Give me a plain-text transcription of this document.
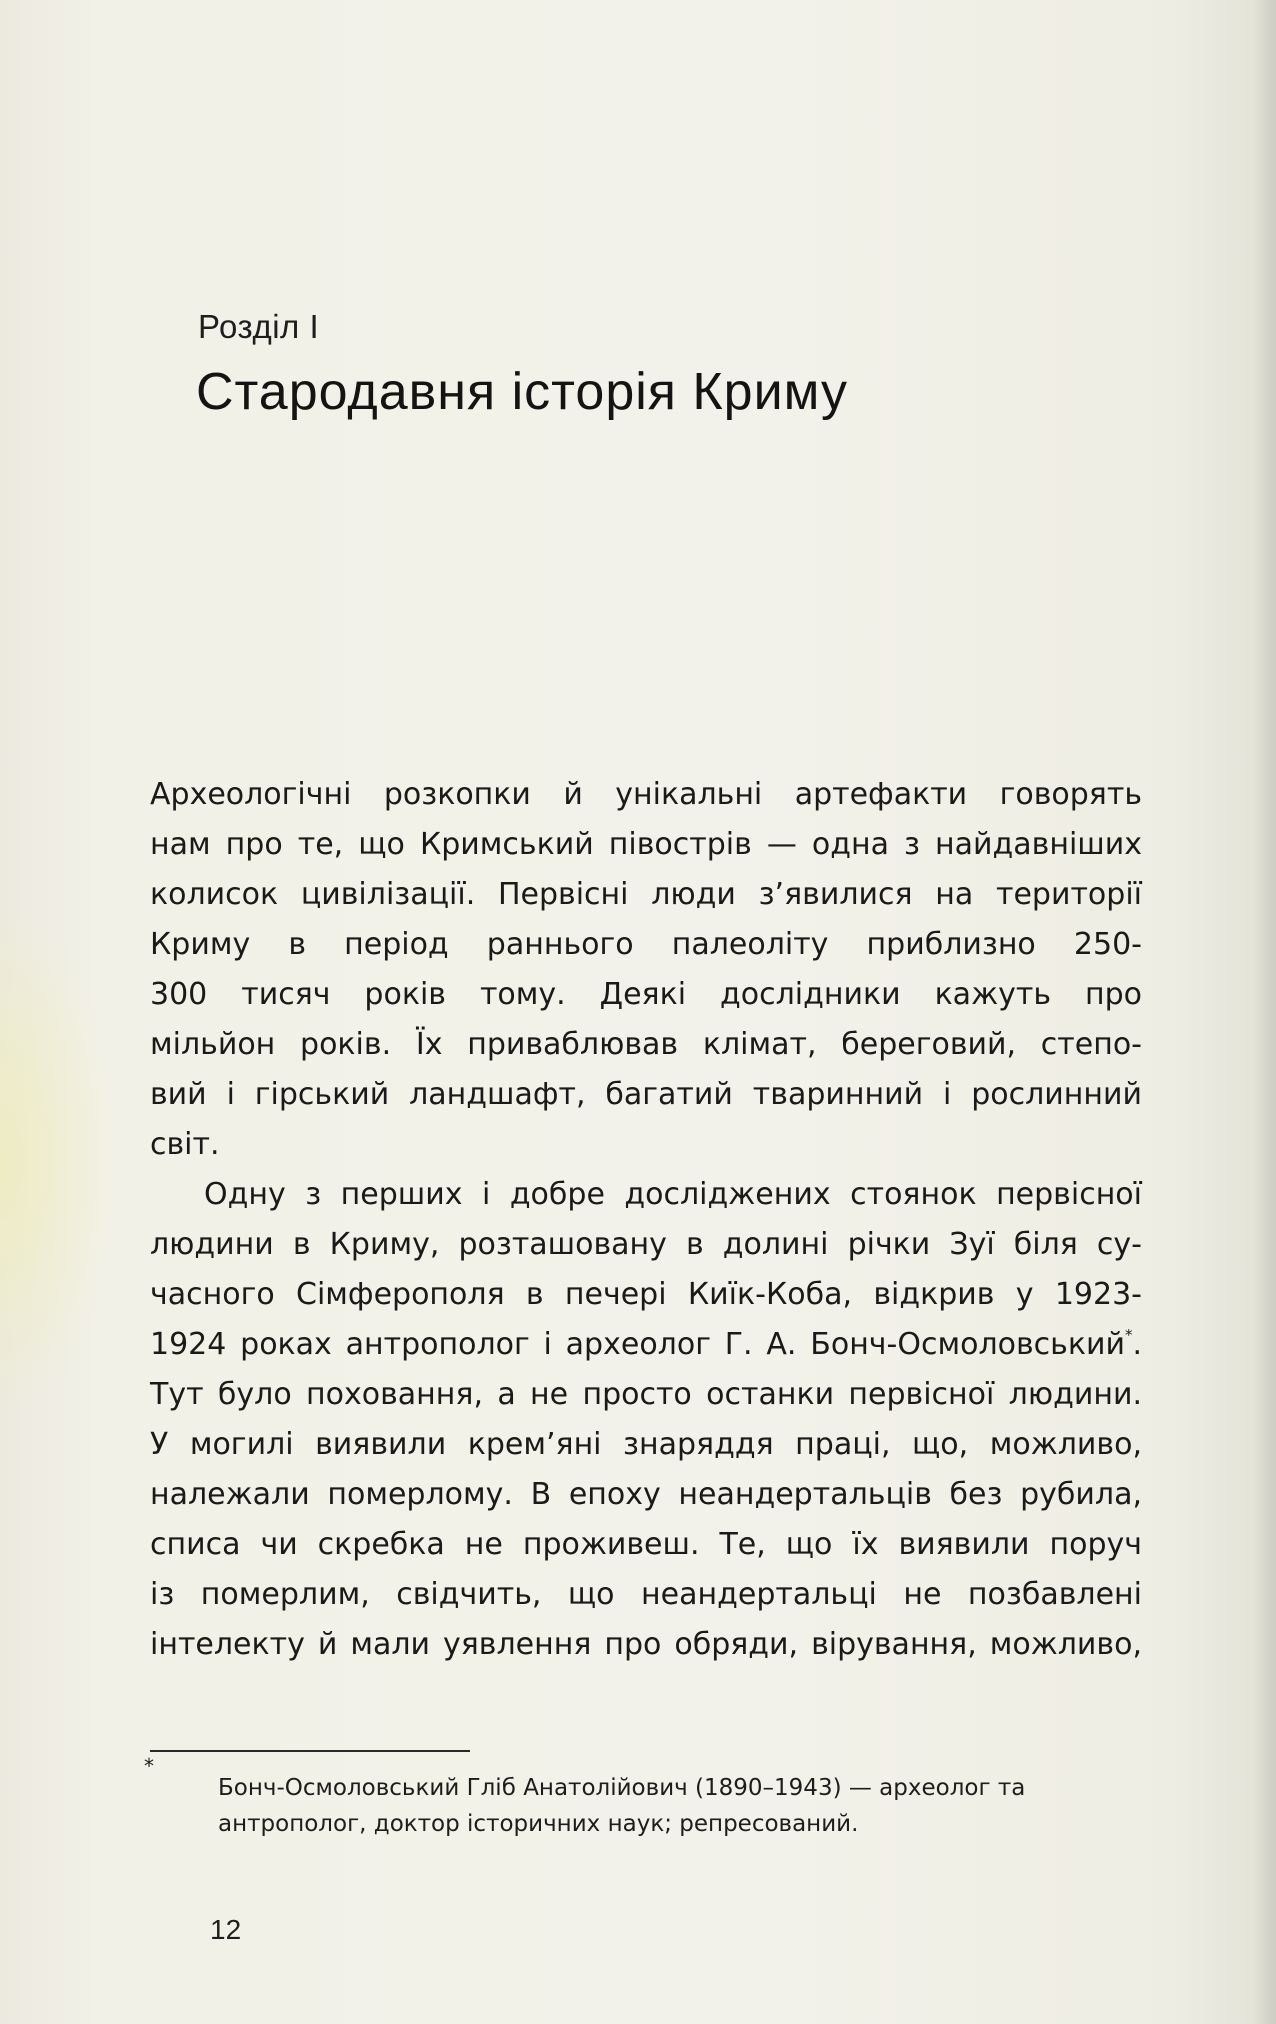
Розділ I
Стародавня історія Криму
Археологічні розкопки й унікальні артефакти говорять
нам про те, що Кримський півострів — одна з найдавніших
колисок цивілізації. Первісні люди з’явилися на території
Криму в період раннього палеоліту приблизно 250-
300 тисяч років тому. Деякі дослідники кажуть про
мільйон років. Їх приваблював клімат, береговий, степо-
вий і гірський ландшафт, багатий тваринний і рослинний
світ.
Одну з перших і добре досліджених стоянок первісної
людини в Криму, розташовану в долині річки Зуї біля су-
часного Сімферополя в печері Киїк-Коба, відкрив у 1923-
1924 роках антрополог і археолог Г. А. Бонч-Осмоловський*.
Тут було поховання, а не просто останки первісної людини.
У могилі виявили крем’яні знаряддя праці, що, можливо,
належали померлому. В епоху неандертальців без рубила,
списа чи скребка не проживеш. Те, що їх виявили поруч
із померлим, свідчить, що неандертальці не позбавлені
інтелекту й мали уявлення про обряди, вірування, можливо,
*
Бонч-Осмоловський Гліб Анатолійович (1890–1943) — археолог та
антрополог, доктор історичних наук; репресований.
12
